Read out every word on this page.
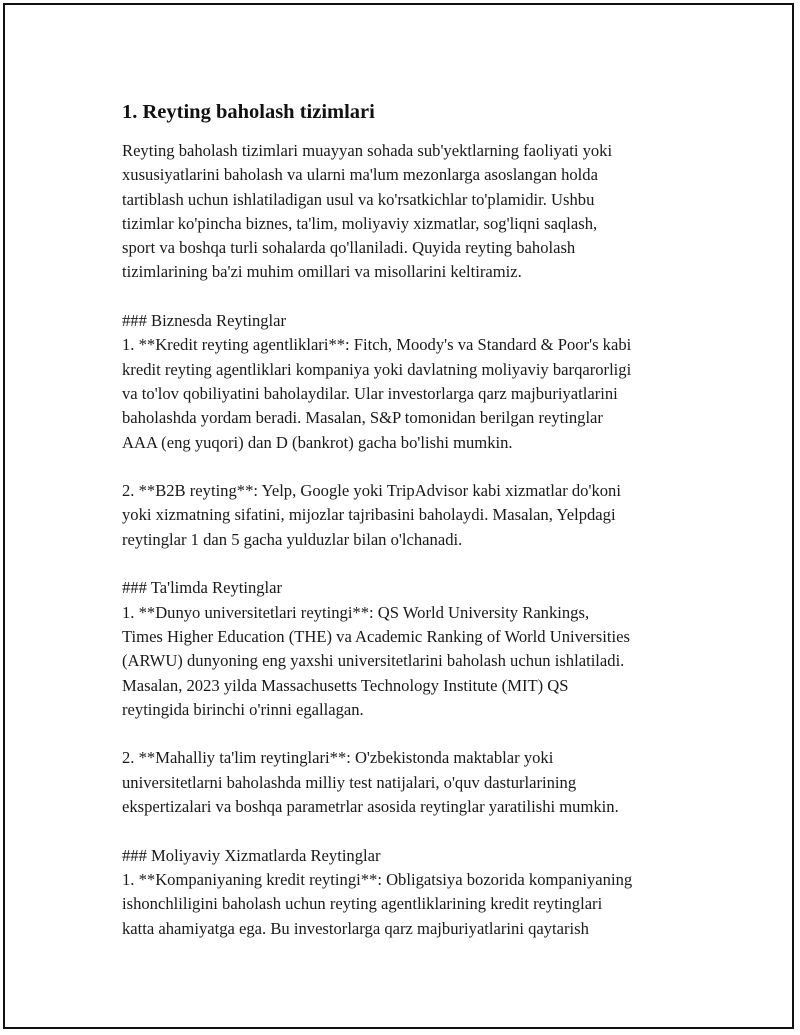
1. Reyting baholash tizimlari
Reyting baholash tizimlari muayyan sohada sub'yektlarning faoliyati yoki
xususiyatlarini baholash va ularni ma'lum mezonlarga asoslangan holda
tartiblash uchun ishlatiladigan usul va ko'rsatkichlar to'plamidir. Ushbu
tizimlar ko'pincha biznes, ta'lim, moliyaviy xizmatlar, sog'liqni saqlash,
sport va boshqa turli sohalarda qo'llaniladi. Quyida reyting baholash
tizimlarining ba'zi muhim omillari va misollarini keltiramiz.
### Biznesda Reytinglar
1. **Kredit reyting agentliklari**: Fitch, Moody's va Standard & Poor's kabi
kredit reyting agentliklari kompaniya yoki davlatning moliyaviy barqarorligi
va to'lov qobiliyatini baholaydilar. Ular investorlarga qarz majburiyatlarini
baholashda yordam beradi. Masalan, S&P tomonidan berilgan reytinglar
AAA (eng yuqori) dan D (bankrot) gacha bo'lishi mumkin.
2. **B2B reyting**: Yelp, Google yoki TripAdvisor kabi xizmatlar do'koni
yoki xizmatning sifatini, mijozlar tajribasini baholaydi. Masalan, Yelpdagi
reytinglar 1 dan 5 gacha yulduzlar bilan o'lchanadi.
### Ta'limda Reytinglar
1. **Dunyo universitetlari reytingi**: QS World University Rankings,
Times Higher Education (THE) va Academic Ranking of World Universities
(ARWU) dunyoning eng yaxshi universitetlarini baholash uchun ishlatiladi.
Masalan, 2023 yilda Massachusetts Technology Institute (MIT) QS
reytingida birinchi o'rinni egallagan.
2. **Mahalliy ta'lim reytinglari**: O'zbekistonda maktablar yoki
universitetlarni baholashda milliy test natijalari, o'quv dasturlarining
ekspertizalari va boshqa parametrlar asosida reytinglar yaratilishi mumkin.
### Moliyaviy Xizmatlarda Reytinglar
1. **Kompaniyaning kredit reytingi**: Obligatsiya bozorida kompaniyaning
ishonchliligini baholash uchun reyting agentliklarining kredit reytinglari
katta ahamiyatga ega. Bu investorlarga qarz majburiyatlarini qaytarish
